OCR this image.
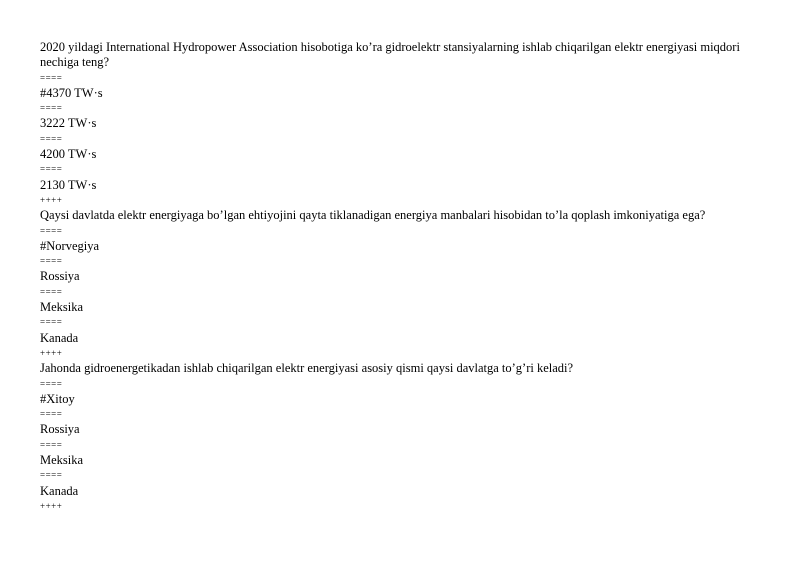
2020 yildagi International Hydropower Association hisobotiga ko’ra gidroelektr stansiyalarning ishlab chiqarilgan elektr energiyasi miqdori nechiga teng?
====
#4370 TW·s
====
3222 TW·s
====
4200 TW·s
====
2130 TW·s
++++
Qaysi davlatda elektr energiyaga bo’lgan ehtiyojini qayta tiklanadigan energiya manbalari hisobidan to’la qoplash imkoniyatiga ega?
====
#Norvegiya
====
Rossiya
====
Meksika
====
Kanada
++++
Jahonda gidroenergetikadan ishlab chiqarilgan elektr energiyasi asosiy qismi qaysi davlatga to’g’ri keladi?
====
#Xitoy
====
Rossiya
====
Meksika
====
Kanada
++++
